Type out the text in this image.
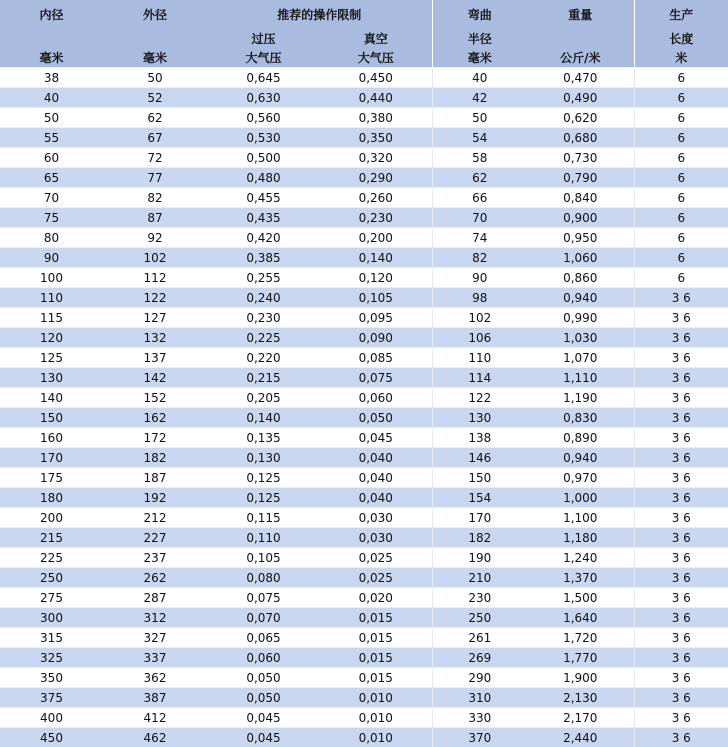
内径	外径	推荐的操作限制		弯曲	重量	生产
		过压	真空	半径		长度
毫米	毫米	大气压	大气压	毫米	公斤/米	米
38	50	0,645	0,450	40	0,470	6
40	52	0,630	0,440	42	0,490	6
50	62	0,560	0,380	50	0,620	6
55	67	0,530	0,350	54	0,680	6
60	72	0,500	0,320	58	0,730	6
65	77	0,480	0,290	62	0,790	6
70	82	0,455	0,260	66	0,840	6
75	87	0,435	0,230	70	0,900	6
80	92	0,420	0,200	74	0,950	6
90	102	0,385	0,140	82	1,060	6
100	112	0,255	0,120	90	0,860	6
110	122	0,240	0,105	98	0,940	3 6
115	127	0,230	0,095	102	0,990	3 6
120	132	0,225	0,090	106	1,030	3 6
125	137	0,220	0,085	110	1,070	3 6
130	142	0,215	0,075	114	1,110	3 6
140	152	0,205	0,060	122	1,190	3 6
150	162	0,140	0,050	130	0,830	3 6
160	172	0,135	0,045	138	0,890	3 6
170	182	0,130	0,040	146	0,940	3 6
175	187	0,125	0,040	150	0,970	3 6
180	192	0,125	0,040	154	1,000	3 6
200	212	0,115	0,030	170	1,100	3 6
215	227	0,110	0,030	182	1,180	3 6
225	237	0,105	0,025	190	1,240	3 6
250	262	0,080	0,025	210	1,370	3 6
275	287	0,075	0,020	230	1,500	3 6
300	312	0,070	0,015	250	1,640	3 6
315	327	0,065	0,015	261	1,720	3 6
325	337	0,060	0,015	269	1,770	3 6
350	362	0,050	0,015	290	1,900	3 6
375	387	0,050	0,010	310	2,130	3 6
400	412	0,045	0,010	330	2,170	3 6
450	462	0,045	0,010	370	2,440	3 6
